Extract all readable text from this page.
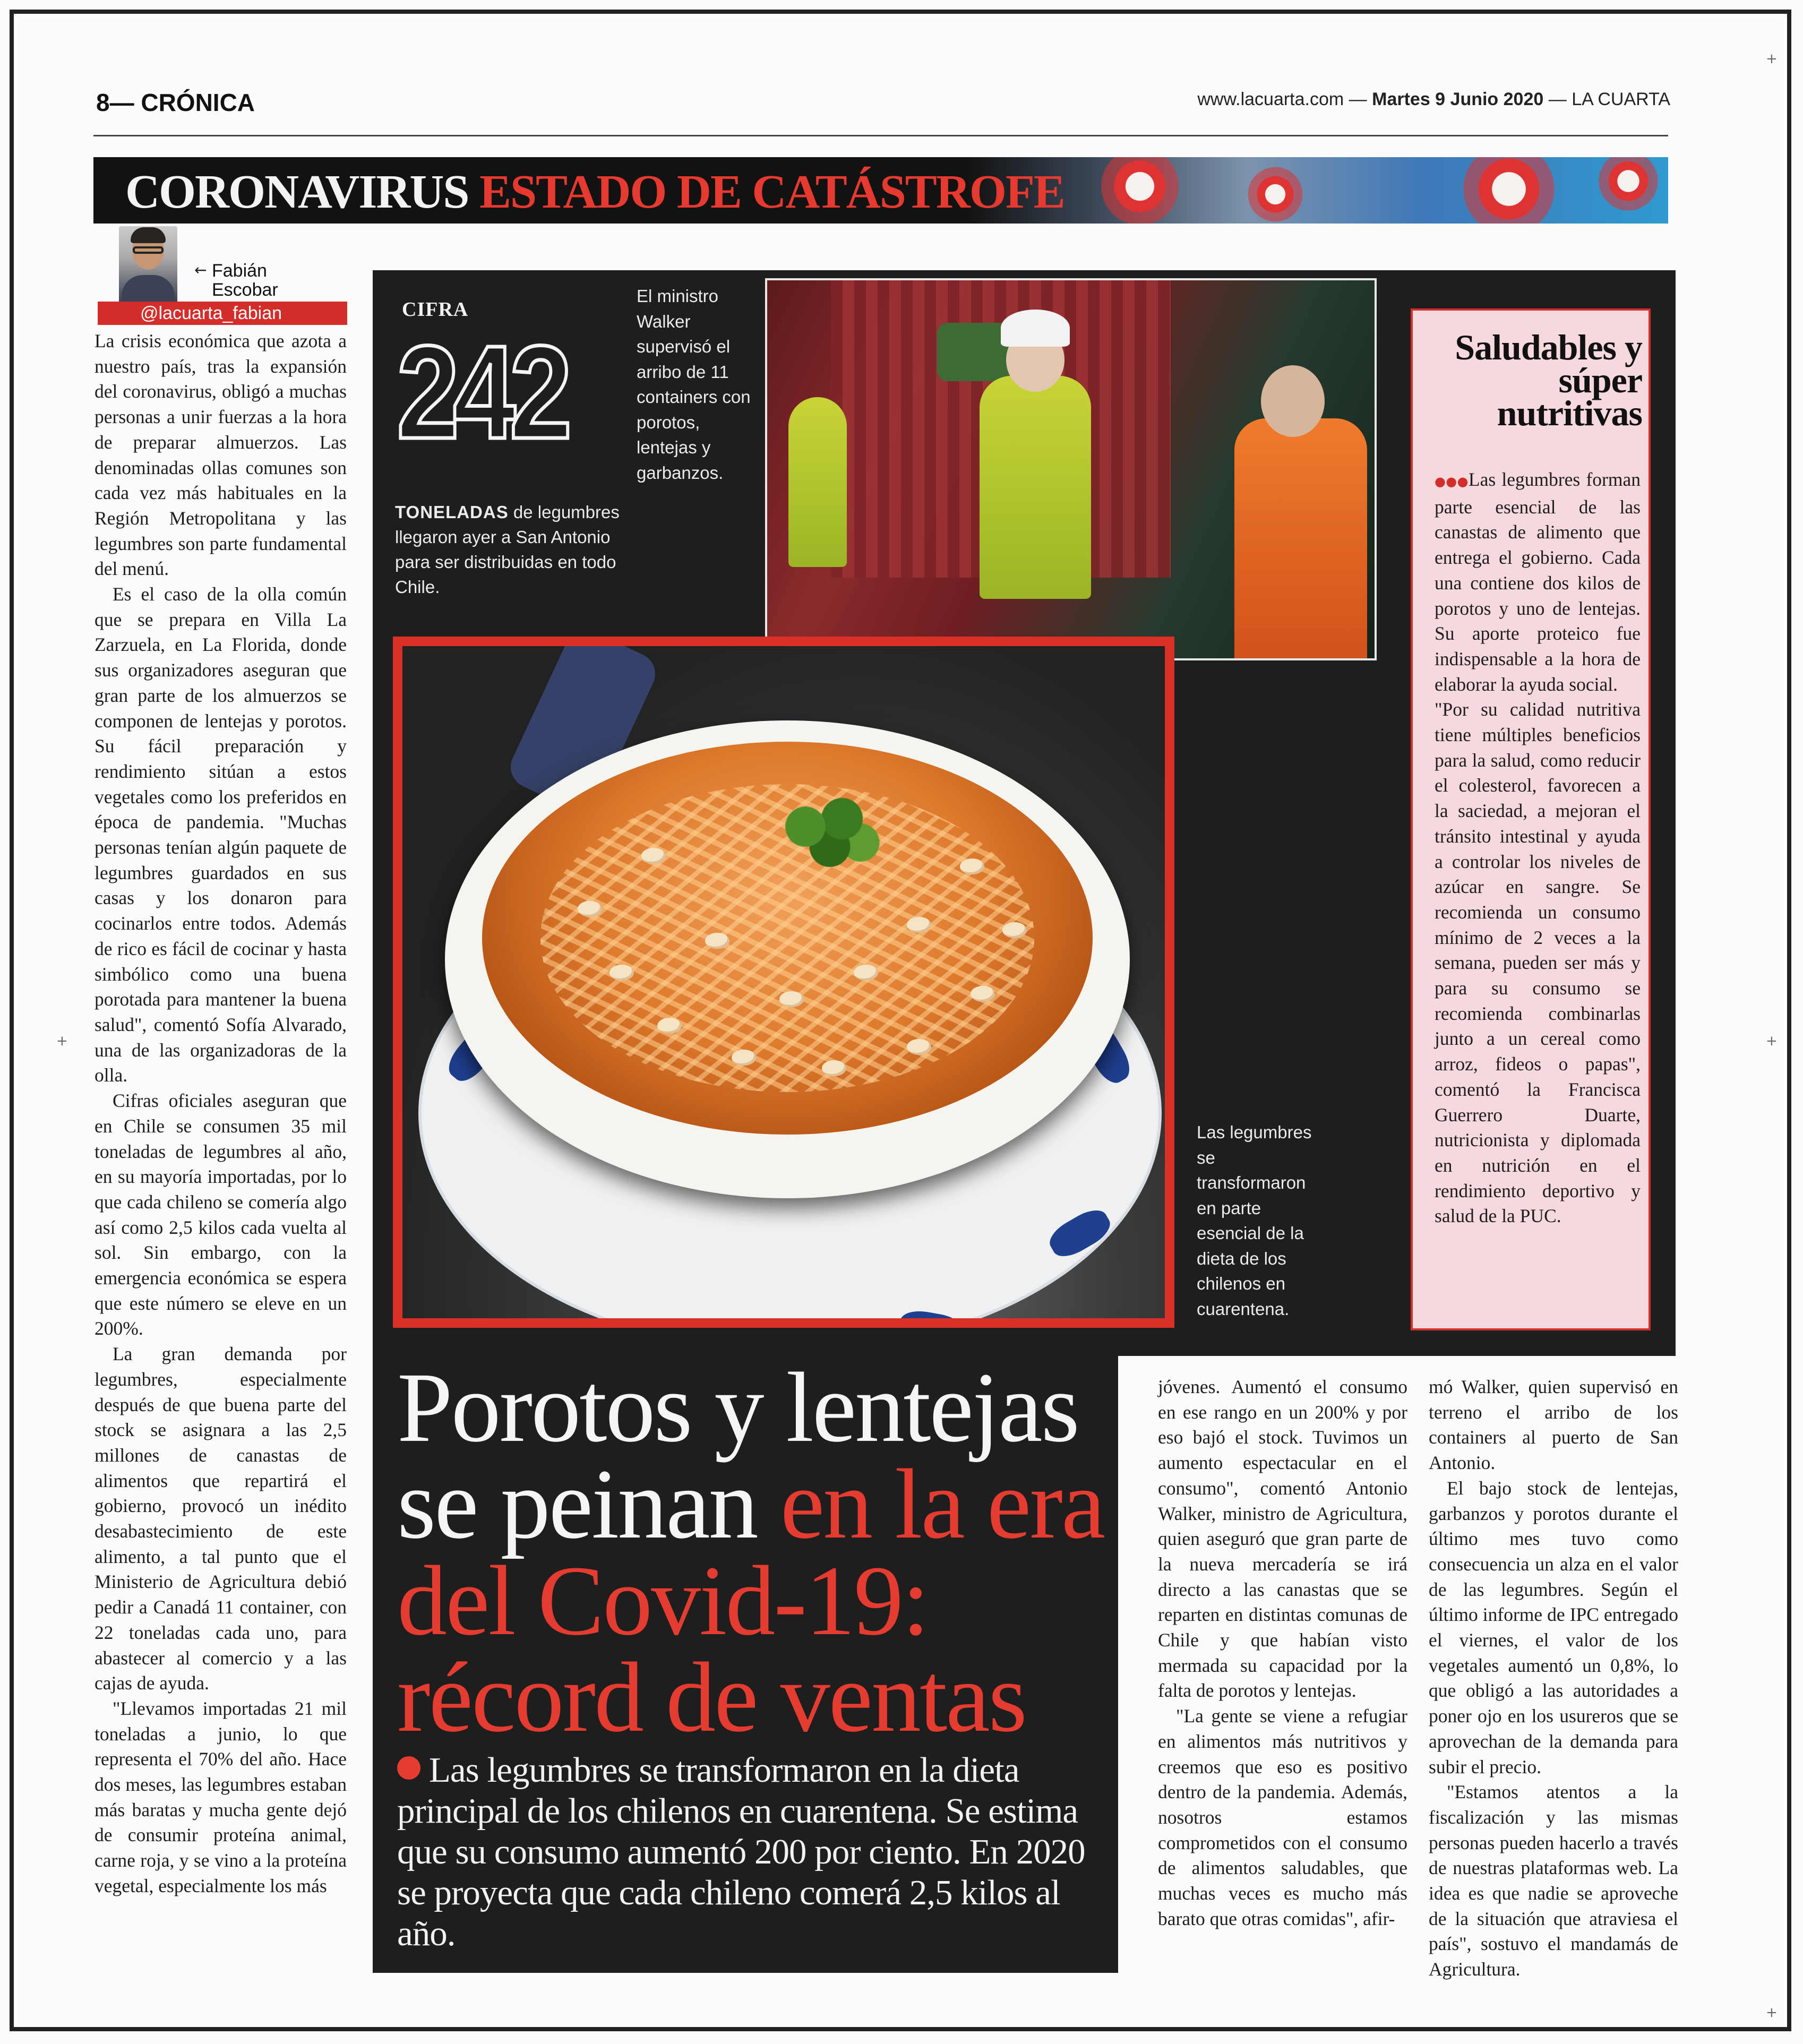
8— CRÓNICA	www.lacuarta.com — Martes 9 Junio 2020 — LA CUARTA
CORONAVIRUS ESTADO DE CATÁSTROFE
← Fabián
Escobar
@lacuarta_fabian

La crisis económica que azota a nuestro país, tras la expansión del coronavirus, obligó a muchas personas a unir fuerzas a la hora de preparar almuerzos. Las denominadas ollas comunes son cada vez más habituales en la Región Metropolitana y las legumbres son parte fundamental del menú.

Es el caso de la olla común que se prepara en Villa La Zarzuela, en La Florida, donde sus organizadores aseguran que gran parte de los almuerzos se componen de lentejas y porotos. Su fácil preparación y rendimiento sitúan a estos vegetales como los preferidos en época de pandemia. "Muchas personas tenían algún paquete de legumbres guardados en sus casas y los donaron para cocinarlos entre todos. Además de rico es fácil de cocinar y hasta simbólico como una buena porotada para mantener la buena salud", comentó Sofía Alvarado, una de las organizadoras de la olla.

Cifras oficiales aseguran que en Chile se consumen 35 mil toneladas de legumbres al año, en su mayoría importadas, por lo que cada chileno se comería algo así como 2,5 kilos cada vuelta al sol. Sin embargo, con la emergencia económica se espera que este número se eleve en un 200%.

La gran demanda por legumbres, especialmente después de que buena parte del stock se asignara a las 2,5 millones de canastas de alimentos que repartirá el gobierno, provocó un inédito desabastecimiento de este alimento, a tal punto que el Ministerio de Agricultura debió pedir a Canadá 11 container, con 22 toneladas cada uno, para abastecer al comercio y a las cajas de ayuda.

"Llevamos importadas 21 mil toneladas a junio, lo que representa el 70% del año. Hace dos meses, las legumbres estaban más baratas y mucha gente dejó de consumir proteína animal, carne roja, y se vino a la proteína vegetal, especialmente los más

CIFRA
242
TONELADAS de legumbres llegaron ayer a San Antonio para ser distribuidas en todo Chile.
El ministro Walker supervisó el arribo de 11 containers con porotos, lentejas y garbanzos.
Las legumbres se transformaron en parte esencial de la dieta de los chilenos en cuarentena.
Saludables y súper nutritivas

●●●Las legumbres forman parte esencial de las canastas de alimento que entrega el gobierno. Cada una contiene dos kilos de porotos y uno de lentejas. Su aporte proteico fue indispensable a la hora de elaborar la ayuda social.

"Por su calidad nutritiva tiene múltiples beneficios para la salud, como reducir el colesterol, favorecen a la saciedad, a mejoran el tránsito intestinal y ayuda a controlar los niveles de azúcar en sangre. Se recomienda un consumo mínimo de 2 veces a la semana, pueden ser más y para su consumo se recomienda combinarlas junto a un cereal como arroz, fideos o papas", comentó la Francisca Guerrero Duarte, nutricionista y diplomada en nutrición en el rendimiento deportivo y salud de la PUC.

Porotos y lentejas se peinan en la era del Covid-19: récord de ventas
Las legumbres se transformaron en la dieta principal de los chilenos en cuarentena. Se estima que su consumo aumentó 200 por ciento. En 2020 se proyecta que cada chileno comerá 2,5 kilos al año.

jóvenes. Aumentó el consumo en ese rango en un 200% y por eso bajó el stock. Tuvimos un aumento espectacular en el consumo", comentó Antonio Walker, ministro de Agricultura, quien aseguró que gran parte de la nueva mercadería se irá directo a las canastas que se reparten en distintas comunas de Chile y que habían visto mermada su capacidad por la falta de porotos y lentejas.

"La gente se viene a refugiar en alimentos más nutritivos y creemos que eso es positivo dentro de la pandemia. Además, nosotros estamos comprometidos con el consumo de alimentos saludables, que muchas veces es mucho más barato que otras comidas", afir-

mó Walker, quien supervisó en terreno el arribo de los containers al puerto de San Antonio.

El bajo stock de lentejas, garbanzos y porotos durante el último mes tuvo como consecuencia un alza en el valor de las legumbres. Según el último informe de IPC entregado el viernes, el valor de los vegetales aumentó un 0,8%, lo que obligó a las autoridades a poner ojo en los usureros que se aprovechan de la demanda para subir el precio.

"Estamos atentos a la fiscalización y las mismas personas pueden hacerlo a través de nuestras plataformas web. La idea es que nadie se aproveche de la situación que atraviesa el país", sostuvo el mandamás de Agricultura.

+
+	+
+
